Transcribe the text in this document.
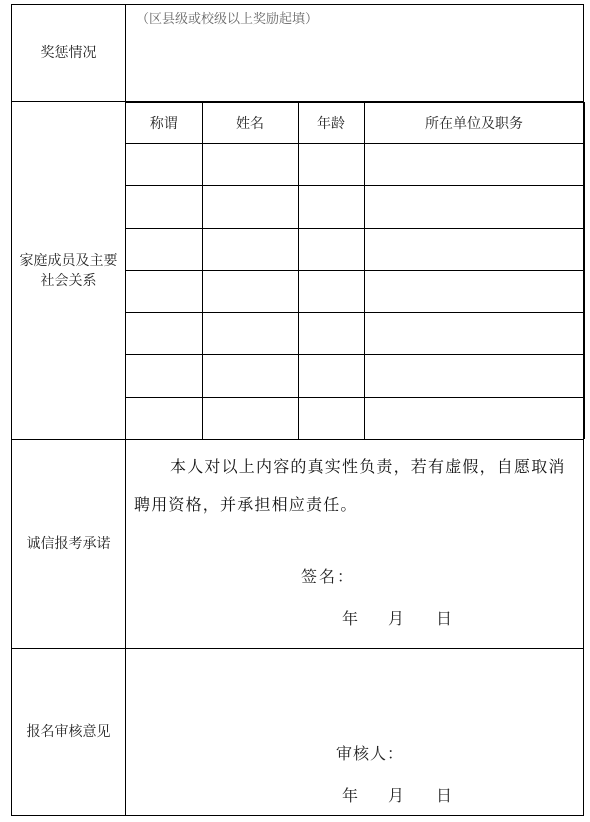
奖惩情况	
（区县级或校级以上奖励起填）

家庭成员及主要
社会关系	
称谓	姓名	年龄	所在单位及职务

诚信报考承诺	
本人对以上内容的真实性负责，若有虚假，自愿取消聘用资格，并承担相应责任。
签名：
年 月 日

报名审核意见	
审核人：
年 月 日
